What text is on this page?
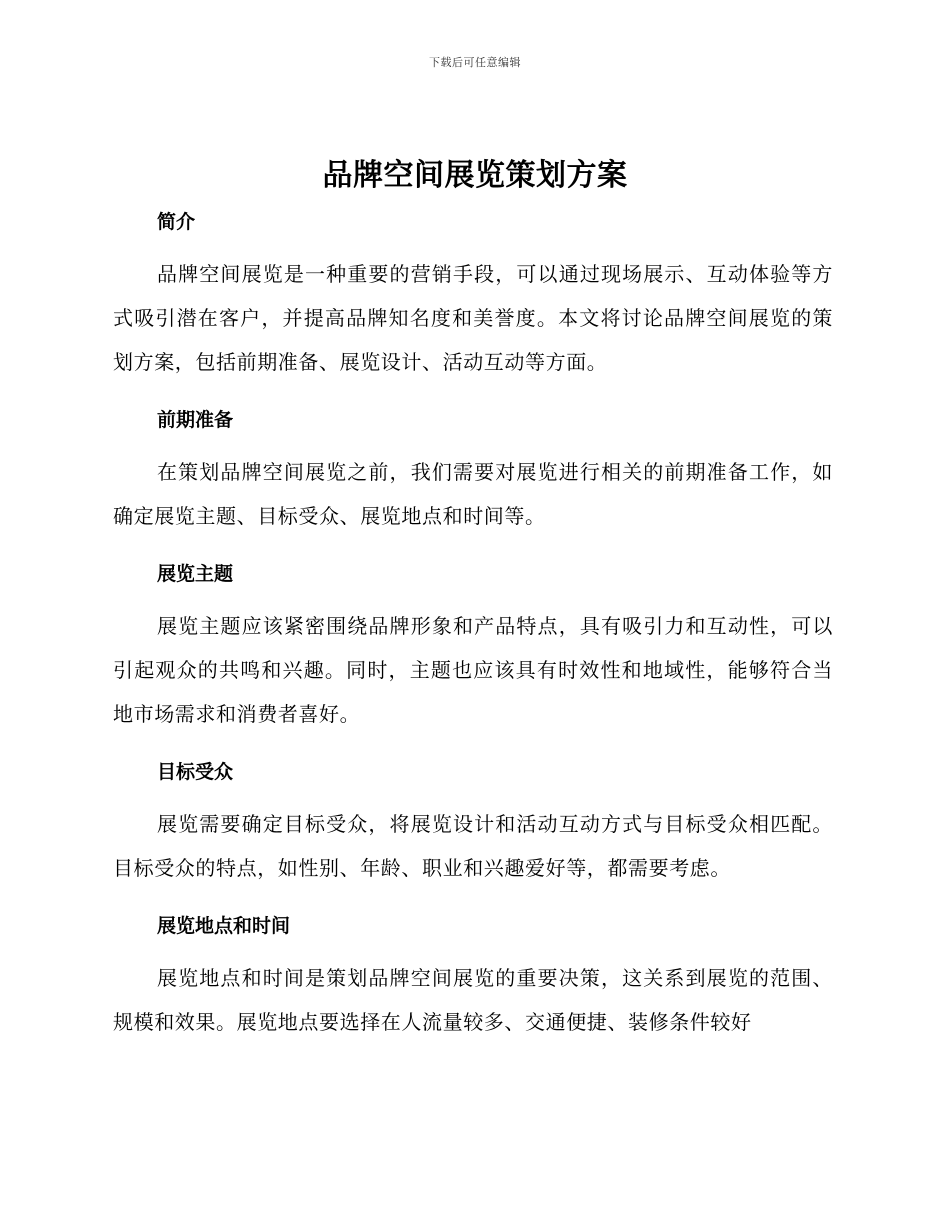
下载后可任意编辑
品牌空间展览策划方案
简介

品牌空间展览是一种重要的营销手段，可以通过现场展示、互动体验等方式吸引潜在客户，并提高品牌知名度和美誉度。本文将讨论品牌空间展览的策划方案，包括前期准备、展览设计、活动互动等方面。

前期准备

在策划品牌空间展览之前，我们需要对展览进行相关的前期准备工作，如确定展览主题、目标受众、展览地点和时间等。

展览主题

展览主题应该紧密围绕品牌形象和产品特点，具有吸引力和互动性，可以引起观众的共鸣和兴趣。同时，主题也应该具有时效性和地域性，能够符合当地市场需求和消费者喜好。

目标受众

展览需要确定目标受众，将展览设计和活动互动方式与目标受众相匹配。目标受众的特点，如性别、年龄、职业和兴趣爱好等，都需要考虑。

展览地点和时间

展览地点和时间是策划品牌空间展览的重要决策，这关系到展览的范围、规模和效果。展览地点要选择在人流量较多、交通便捷、装修条件较好
